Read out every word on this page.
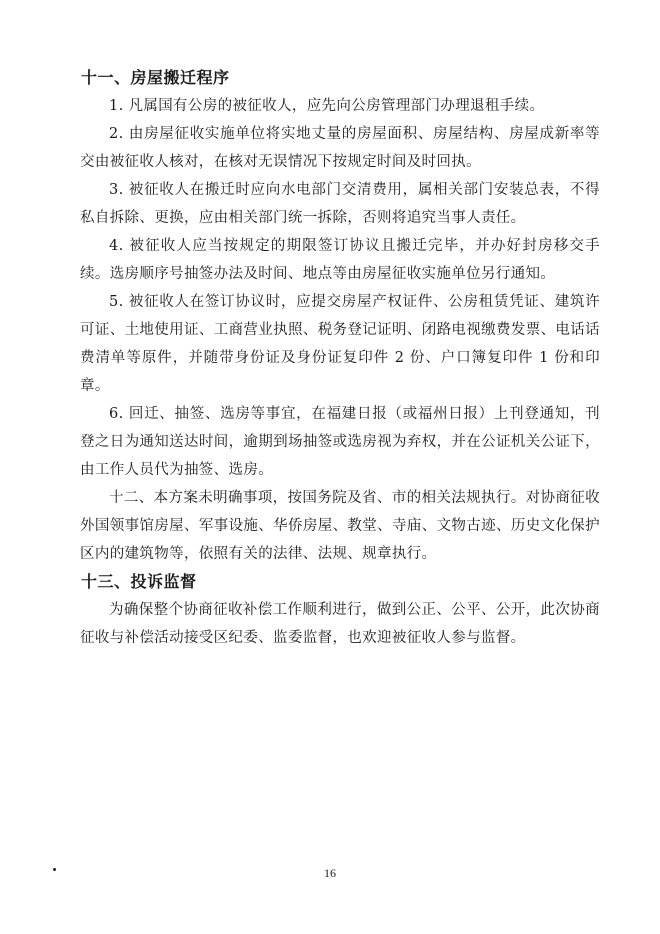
十一、房屋搬迁程序

1. 凡属国有公房的被征收人，应先向公房管理部门办理退租手续。

2. 由房屋征收实施单位将实地丈量的房屋面积、房屋结构、房屋成新率等交由被征收人核对，在核对无误情况下按规定时间及时回执。

3. 被征收人在搬迁时应向水电部门交清费用，属相关部门安装总表，不得私自拆除、更换，应由相关部门统一拆除，否则将追究当事人责任。

4. 被征收人应当按规定的期限签订协议且搬迁完毕，并办好封房移交手续。选房顺序号抽签办法及时间、地点等由房屋征收实施单位另行通知。

5. 被征收人在签订协议时，应提交房屋产权证件、公房租赁凭证、建筑许可证、土地使用证、工商营业执照、税务登记证明、闭路电视缴费发票、电话话费清单等原件，并随带身份证及身份证复印件 2 份、户口簿复印件 1 份和印章。

6. 回迁、抽签、选房等事宜，在福建日报（或福州日报）上刊登通知，刊登之日为通知送达时间，逾期到场抽签或选房视为弃权，并在公证机关公证下，由工作人员代为抽签、选房。

十二、本方案未明确事项，按国务院及省、市的相关法规执行。对协商征收外国领事馆房屋、军事设施、华侨房屋、教堂、寺庙、文物古迹、历史文化保护区内的建筑物等，依照有关的法律、法规、规章执行。

十三、投诉监督

为确保整个协商征收补偿工作顺利进行，做到公正、公平、公开，此次协商征收与补偿活动接受区纪委、监委监督，也欢迎被征收人参与监督。

16
